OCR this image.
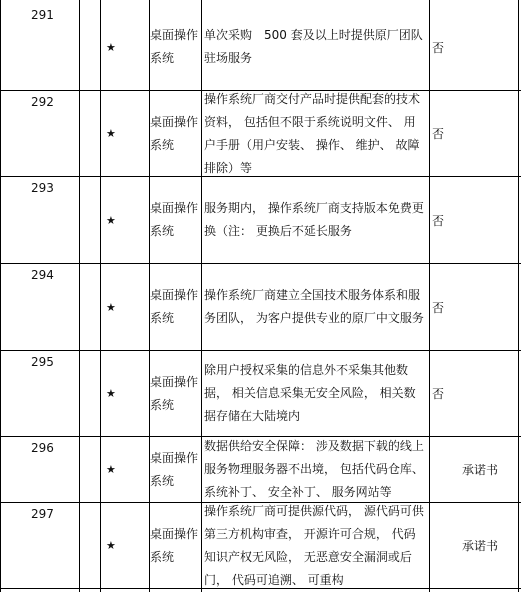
291
★
桌面操作系统
单次采购　500 套及以上时提供原厂团队驻场服务
否
292
★
桌面操作系统
操作系统厂商交付产品时提供配套的技术资料， 包括但不限于系统说明文件、 用户手册（用户安装、 操作、 维护、 故障排除）等
否
293
★
桌面操作系统
服务期内， 操作系统厂商支持版本免费更换（注： 更换后不延长服务
否
294
★
桌面操作系统
操作系统厂商建立全国技术服务体系和服务团队， 为客户提供专业的原厂中文服务
否
295
★
桌面操作系统
除用户授权采集的信息外不采集其他数据， 相关信息采集无安全风险， 相关数据存储在大陆境内
否
296
★
桌面操作系统
数据供给安全保障： 涉及数据下载的线上服务物理服务器不出境， 包括代码仓库、 系统补丁、 安全补丁、 服务网站等
承诺书
297
★
桌面操作系统
操作系统厂商可提供源代码， 源代码可供第三方机构审查， 开源许可合规， 代码知识产权无风险， 无恶意安全漏洞或后门， 代码可追溯、 可重构
承诺书
